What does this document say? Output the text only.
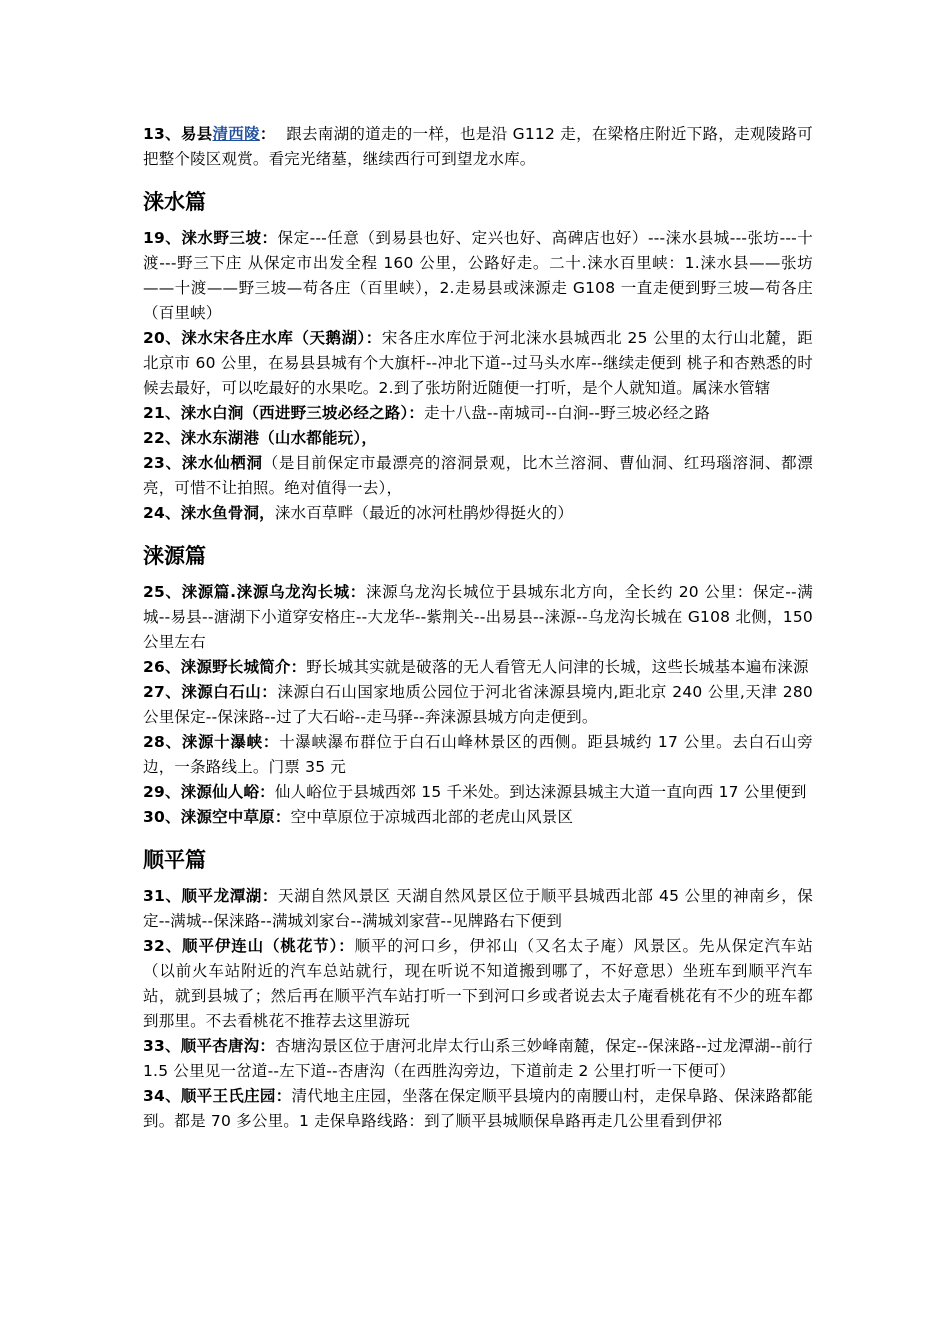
13、易县清西陵： 跟去南湖的道走的一样，也是沿 G112 走，在梁格庄附近下路，走观陵路可把整个陵区观赏。看完光绪墓，继续西行可到望龙水库。

涞水篇

19、涞水野三坡：保定---任意（到易县也好、定兴也好、高碑店也好）---涞水县城---张坊---十渡---野三下庄 从保定市出发全程 160 公里，公路好走。二十.涞水百里峡：1.涞水县——张坊——十渡——野三坡—苟各庄（百里峡），2.走易县或涞源走 G108 一直走便到野三坡—苟各庄（百里峡）

20、涞水宋各庄水库（天鹅湖）：宋各庄水库位于河北涞水县城西北 25 公里的太行山北麓，距北京市 60 公里，在易县县城有个大旗杆--冲北下道--过马头水库--继续走便到 桃子和杏熟悉的时候去最好，可以吃最好的水果吃。2.到了张坊附近随便一打听，是个人就知道。属涞水管辖

21、涞水白涧（西进野三坡必经之路）：走十八盘--南城司--白涧--野三坡必经之路

22、涞水东湖港（山水都能玩），

23、涞水仙栖洞（是目前保定市最漂亮的溶洞景观，比木兰溶洞、曹仙洞、红玛瑙溶洞、都漂亮，可惜不让拍照。绝对值得一去），

24、涞水鱼骨洞，涞水百草畔（最近的冰河杜鹃炒得挺火的）

涞源篇

25、涞源篇.涞源乌龙沟长城：涞源乌龙沟长城位于县城东北方向，全长约 20 公里：保定--满城--易县--溏湖下小道穿安格庄--大龙华--紫荆关--出易县--涞源--乌龙沟长城在 G108 北侧，150 公里左右

26、涞源野长城简介：野长城其实就是破落的无人看管无人问津的长城，这些长城基本遍布涞源

27、涞源白石山：涞源白石山国家地质公园位于河北省涞源县境内,距北京 240 公里,天津 280 公里保定--保涞路--过了大石峪--走马驿--奔涞源县城方向走便到。

28、涞源十瀑峡：十瀑峡瀑布群位于白石山峰林景区的西侧。距县城约 17 公里。去白石山旁边，一条路线上。门票 35 元

29、涞源仙人峪：仙人峪位于县城西郊 15 千米处。到达涞源县城主大道一直向西 17 公里便到

30、涞源空中草原：空中草原位于凉城西北部的老虎山风景区

顺平篇

31、顺平龙潭湖：天湖自然风景区 天湖自然风景区位于顺平县城西北部 45 公里的神南乡，保定--满城--保涞路--满城刘家台--满城刘家营--见牌路右下便到

32、顺平伊连山（桃花节）：顺平的河口乡，伊祁山（又名太子庵）风景区。先从保定汽车站（以前火车站附近的汽车总站就行，现在听说不知道搬到哪了，不好意思）坐班车到顺平汽车站，就到县城了；然后再在顺平汽车站打听一下到河口乡或者说去太子庵看桃花有不少的班车都到那里。不去看桃花不推荐去这里游玩

33、顺平杏唐沟：杏塘沟景区位于唐河北岸太行山系三妙峰南麓，保定--保涞路--过龙潭湖--前行 1.5 公里见一岔道--左下道--杏唐沟（在西胜沟旁边，下道前走 2 公里打听一下便可）

34、顺平王氏庄园：清代地主庄园，坐落在保定顺平县境内的南腰山村，走保阜路、保涞路都能到。都是 70 多公里。1 走保阜路线路：到了顺平县城顺保阜路再走几公里看到伊祁
